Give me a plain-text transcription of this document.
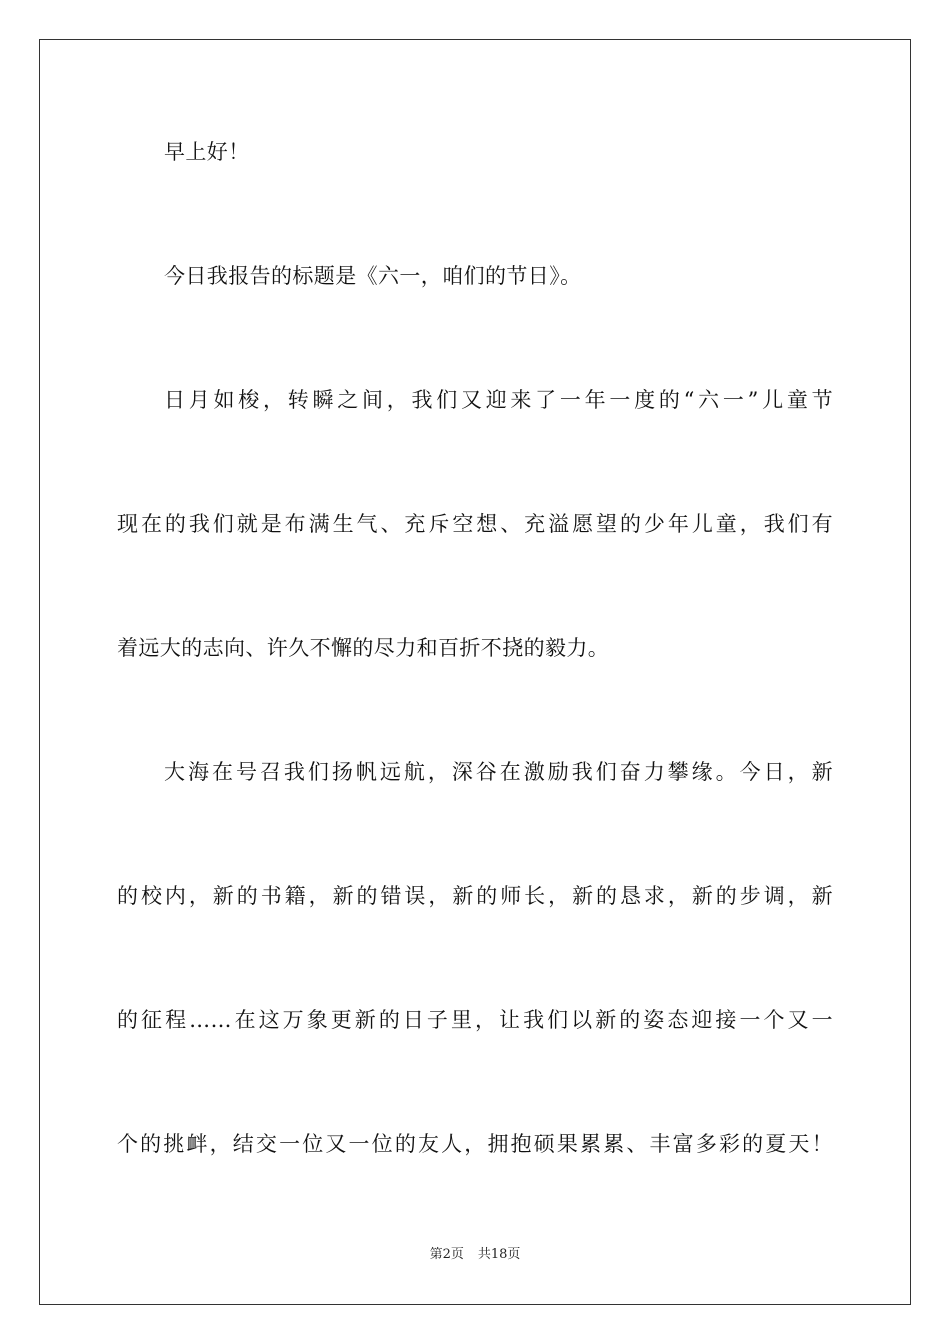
早上好！
今日我报告的标题是《六一，咱们的节日》。
日月如梭，转瞬之间，我们又迎来了一年一度的“六一”儿童节
现在的我们就是布满生气、充斥空想、充溢愿望的少年儿童，我们有
着远大的志向、许久不懈的尽力和百折不挠的毅力。
大海在号召我们扬帆远航，深谷在激励我们奋力攀缘。今日，新
的校内，新的书籍，新的错误，新的师长，新的恳求，新的步调，新
的征程……在这万象更新的日子里，让我们以新的姿态迎接一个又一
个的挑衅，结交一位又一位的友人，拥抱硕果累累、丰富多彩的夏天！
第2页 共18页
